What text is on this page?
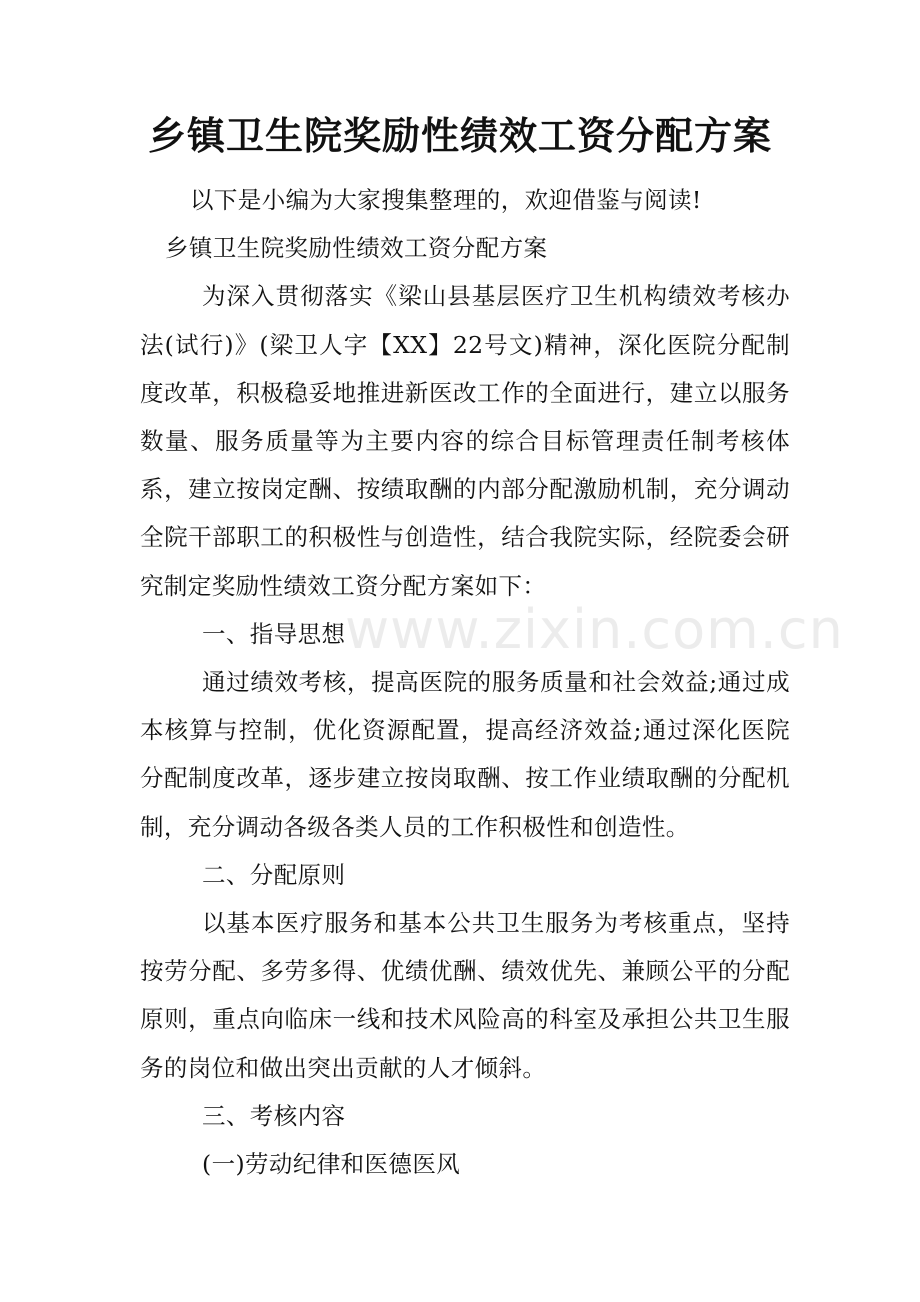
乡镇卫生院奖励性绩效工资分配方案

以下是小编为大家搜集整理的，欢迎借鉴与阅读!

乡镇卫生院奖励性绩效工资分配方案

为深入贯彻落实《梁山县基层医疗卫生机构绩效考核办法(试行)》(梁卫人字【XX】22号文)精神，深化医院分配制度改革，积极稳妥地推进新医改工作的全面进行，建立以服务数量、服务质量等为主要内容的综合目标管理责任制考核体系，建立按岗定酬、按绩取酬的内部分配激励机制，充分调动全院干部职工的积极性与创造性，结合我院实际，经院委会研究制定奖励性绩效工资分配方案如下：

一、指导思想

通过绩效考核，提高医院的服务质量和社会效益;通过成本核算与控制，优化资源配置，提高经济效益;通过深化医院分配制度改革，逐步建立按岗取酬、按工作业绩取酬的分配机制，充分调动各级各类人员的工作积极性和创造性。

二、分配原则

以基本医疗服务和基本公共卫生服务为考核重点，坚持按劳分配、多劳多得、优绩优酬、绩效优先、兼顾公平的分配原则，重点向临床一线和技术风险高的科室及承担公共卫生服务的岗位和做出突出贡献的人才倾斜。

三、考核内容

(一)劳动纪律和医德医风

www.zixin.com.cn
